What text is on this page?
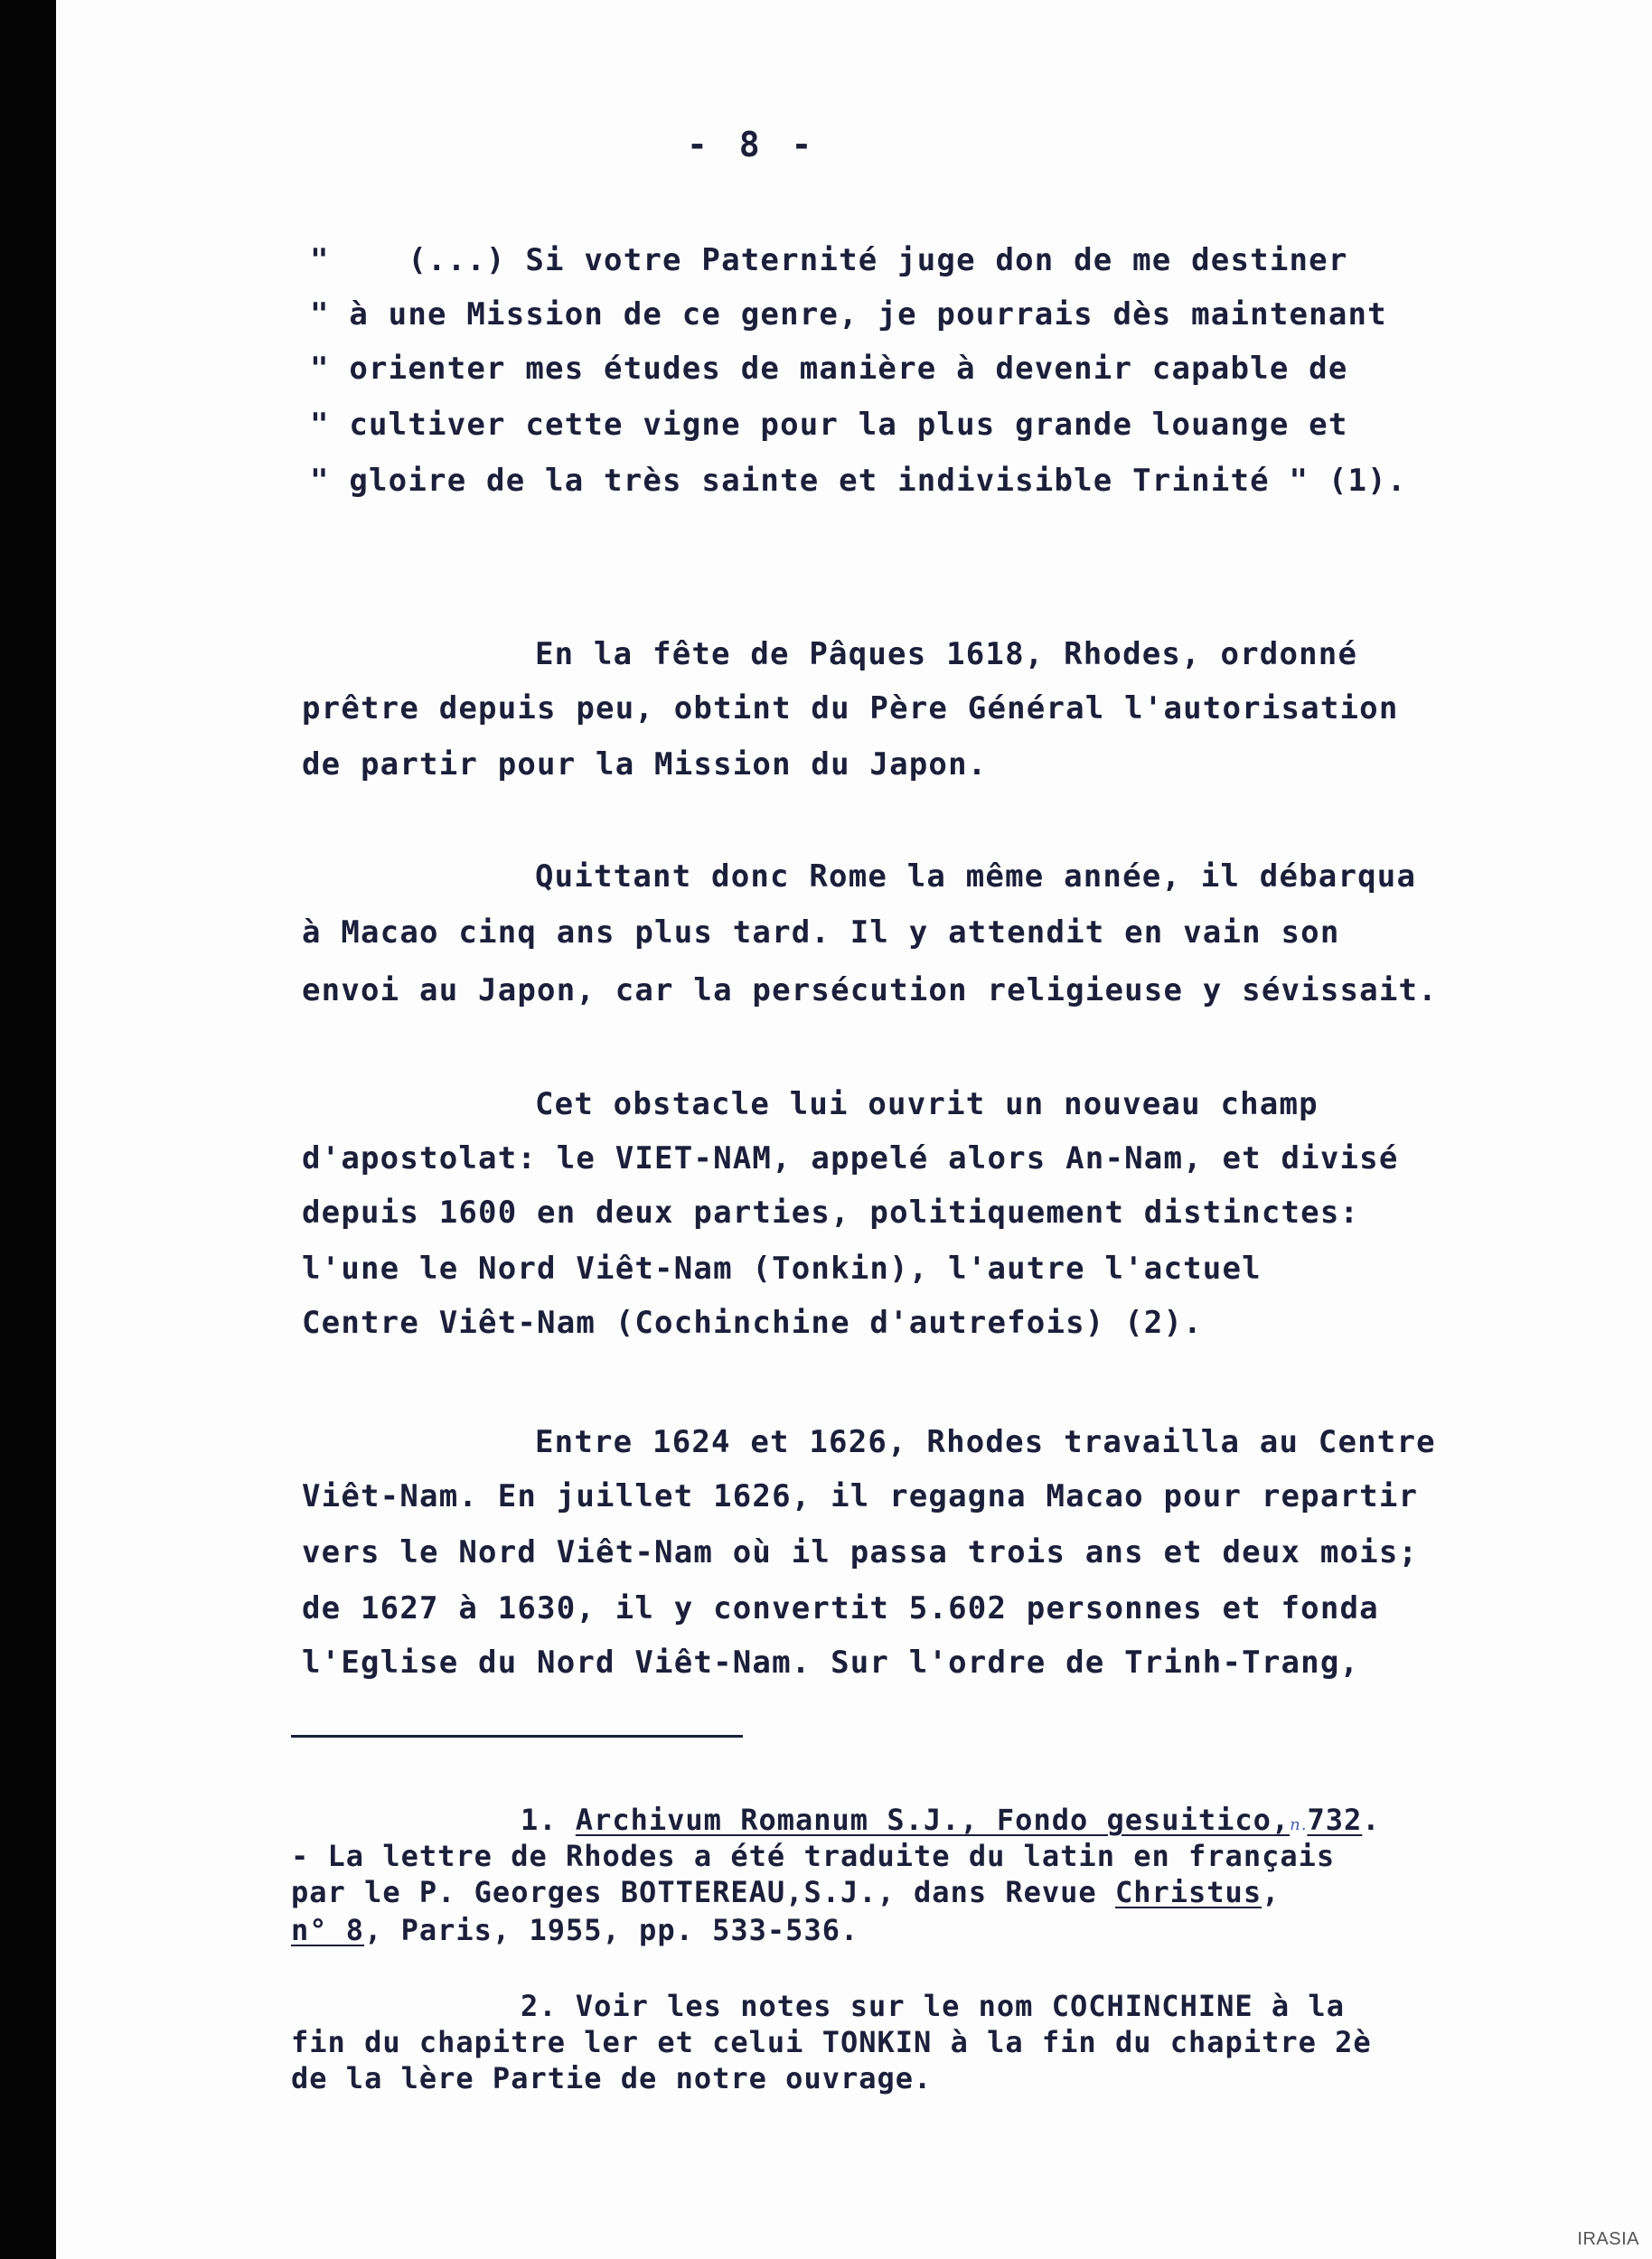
- 8 -
"    (...) Si votre Paternité juge don de me destiner
" à une Mission de ce genre, je pourrais dès maintenant
" orienter mes études de manière à devenir capable de
" cultiver cette vigne pour la plus grande louange et
" gloire de la très sainte et indivisible Trinité " (1).
En la fête de Pâques 1618, Rhodes, ordonné
prêtre depuis peu, obtint du Père Général l'autorisation
de partir pour la Mission du Japon.
Quittant donc Rome la même année, il débarqua
à Macao cinq ans plus tard. Il y attendit en vain son
envoi au Japon, car la persécution religieuse y sévissait.
Cet obstacle lui ouvrit un nouveau champ
d'apostolat: le VIET-NAM, appelé alors An-Nam, et divisé
depuis 1600 en deux parties, politiquement distinctes:
l'une le Nord Viêt-Nam (Tonkin), l'autre l'actuel
Centre Viêt-Nam (Cochinchine d'autrefois) (2).
Entre 1624 et 1626, Rhodes travailla au Centre
Viêt-Nam. En juillet 1626, il regagna Macao pour repartir
vers le Nord Viêt-Nam où il passa trois ans et deux mois;
de 1627 à 1630, il y convertit 5.602 personnes et fonda
l'Eglise du Nord Viêt-Nam. Sur l'ordre de Trinh-Trang,
1. Archivum Romanum S.J., Fondo gesuitico,n.732.
- La lettre de Rhodes a été traduite du latin en français
par le P. Georges BOTTEREAU,S.J., dans Revue Christus,
n° 8, Paris, 1955, pp. 533-536.
2. Voir les notes sur le nom COCHINCHINE à la
fin du chapitre ler et celui TONKIN à la fin du chapitre 2è
de la lère Partie de notre ouvrage.
IRASIA
